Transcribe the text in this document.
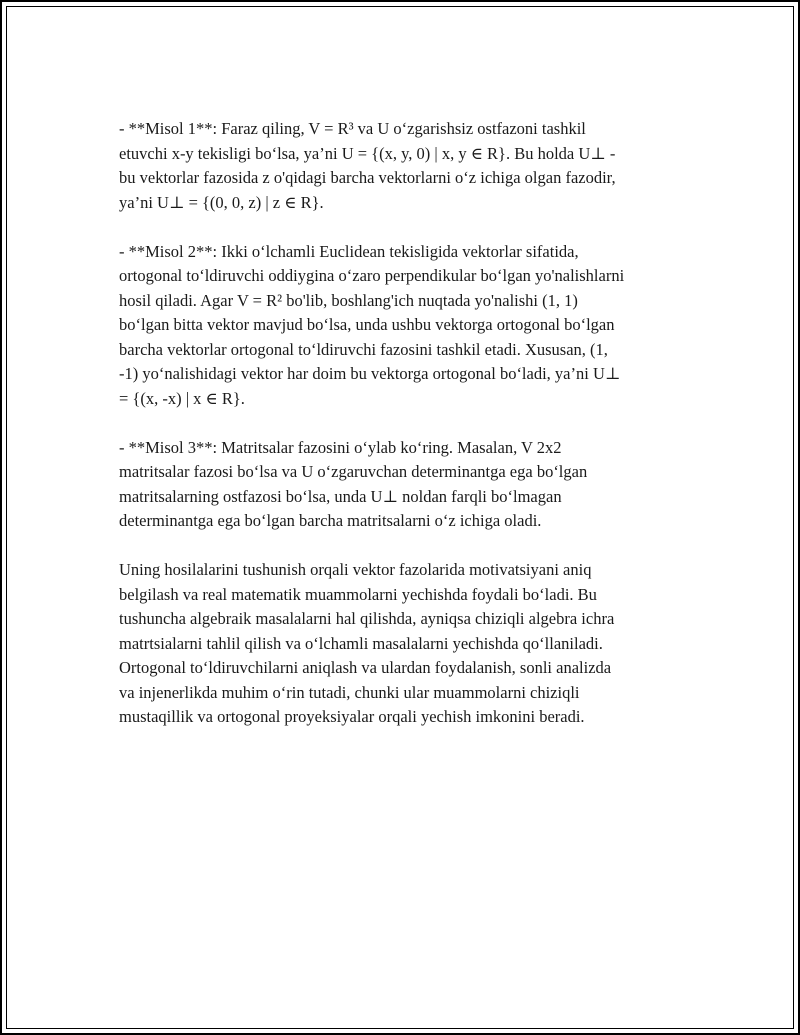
- **Misol 1**: Faraz qiling, V = R³ va U o‘zgarishsiz ostfazoni tashkil
etuvchi x-y tekisligi bo‘lsa, ya’ni U = {(x, y, 0) | x, y ∈ R}. Bu holda U⊥ -
bu vektorlar fazosida z o'qidagi barcha vektorlarni o‘z ichiga olgan fazodir,
ya’ni U⊥ = {(0, 0, z) | z ∈ R}.

- **Misol 2**: Ikki o‘lchamli Euclidean tekisligida vektorlar sifatida,
ortogonal to‘ldiruvchi oddiygina o‘zaro perpendikular bo‘lgan yo'nalishlarni
hosil qiladi. Agar V = R² bo'lib, boshlang'ich nuqtada yo'nalishi (1, 1)
bo‘lgan bitta vektor mavjud bo‘lsa, unda ushbu vektorga ortogonal bo‘lgan
barcha vektorlar ortogonal to‘ldiruvchi fazosini tashkil etadi. Xususan, (1,
-1) yo‘nalishidagi vektor har doim bu vektorga ortogonal bo‘ladi, ya’ni U⊥
= {(x, -x) | x ∈ R}.

- **Misol 3**: Matritsalar fazosini o‘ylab ko‘ring. Masalan, V 2x2
matritsalar fazosi bo‘lsa va U o‘zgaruvchan determinantga ega bo‘lgan
matritsalarning ostfazosi bo‘lsa, unda U⊥ noldan farqli bo‘lmagan
determinantga ega bo‘lgan barcha matritsalarni o‘z ichiga oladi.

Uning hosilalarini tushunish orqali vektor fazolarida motivatsiyani aniq
belgilash va real matematik muammolarni yechishda foydali bo‘ladi. Bu
tushuncha algebraik masalalarni hal qilishda, ayniqsa chiziqli algebra ichra
matrtsialarni tahlil qilish va o‘lchamli masalalarni yechishda qo‘llaniladi.
Ortogonal to‘ldiruvchilarni aniqlash va ulardan foydalanish, sonli analizda
va injenerlikda muhim o‘rin tutadi, chunki ular muammolarni chiziqli
mustaqillik va ortogonal proyeksiyalar orqali yechish imkonini beradi.
